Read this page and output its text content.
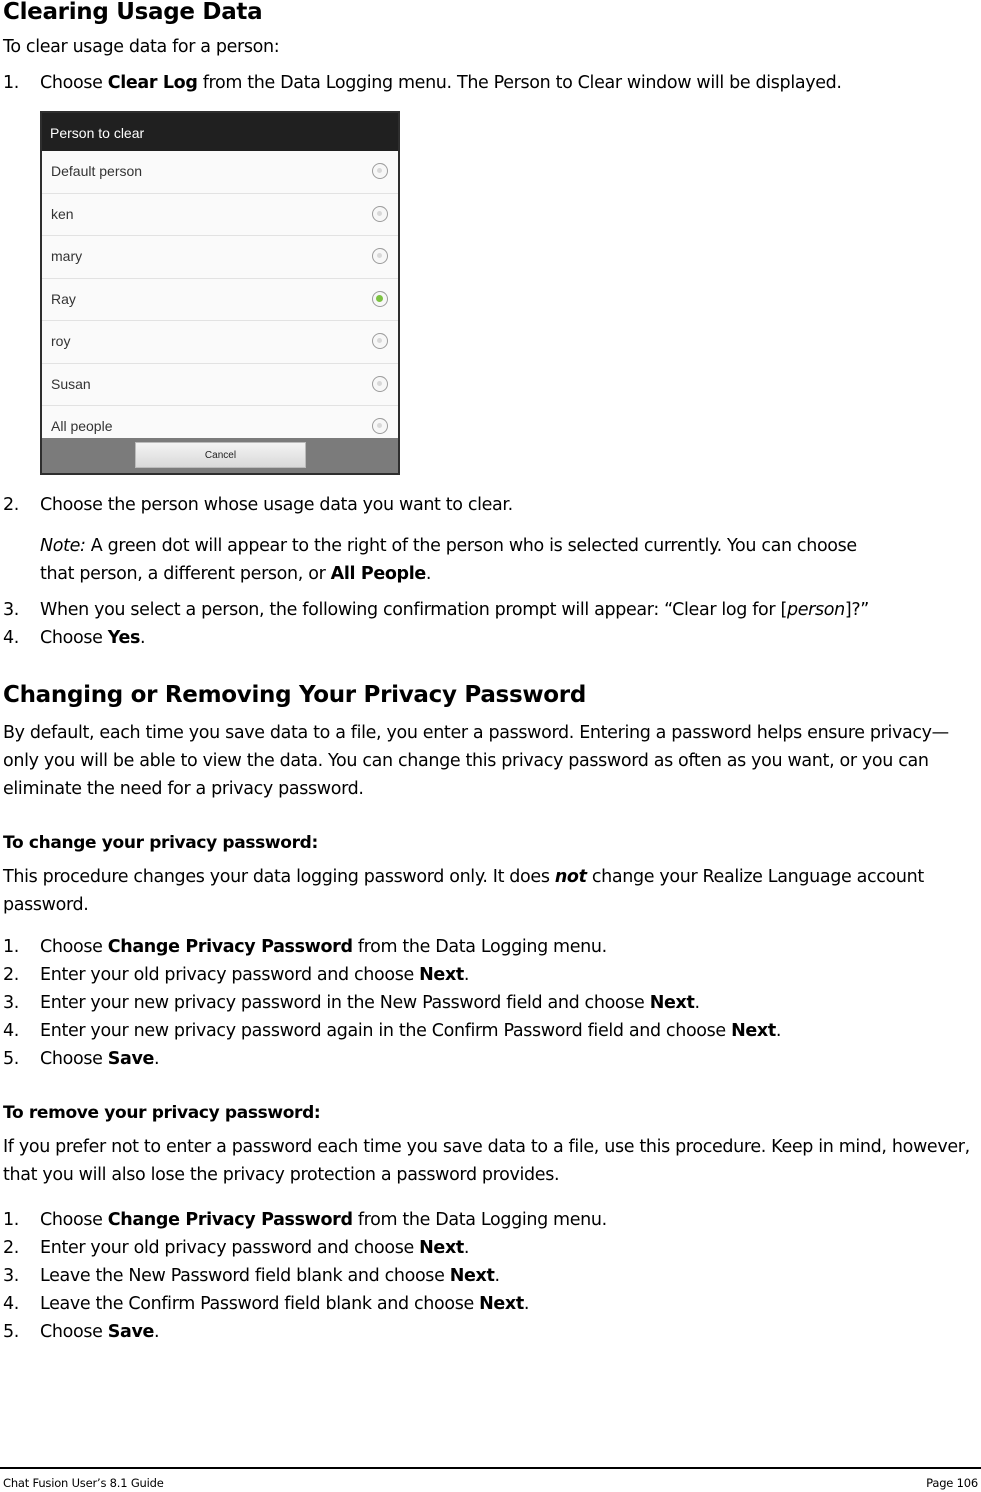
Clearing Usage Data
To clear usage data for a person:
1. Choose Clear Log from the Data Logging menu. The Person to Clear window will be displayed.
Person to clear
Default person
ken
mary
Ray
roy
Susan
All people
Cancel
2. Choose the person whose usage data you want to clear.
Note: A green dot will appear to the right of the person who is selected currently. You can choose
that person, a different person, or All People.
3. When you select a person, the following confirmation prompt will appear: “Clear log for [person]?”
4. Choose Yes.
Changing or Removing Your Privacy Password
By default, each time you save data to a file, you enter a password. Entering a password helps ensure privacy—only you will be able to view the data. You can change this privacy password as often as you want, or you can eliminate the need for a privacy password.
To change your privacy password:
This procedure changes your data logging password only. It does not change your Realize Language account password.
1. Choose Change Privacy Password from the Data Logging menu.
2. Enter your old privacy password and choose Next.
3. Enter your new privacy password in the New Password field and choose Next.
4. Enter your new privacy password again in the Confirm Password field and choose Next.
5. Choose Save.
To remove your privacy password:
If you prefer not to enter a password each time you save data to a file, use this procedure. Keep in mind, however, that you will also lose the privacy protection a password provides.
1. Choose Change Privacy Password from the Data Logging menu.
2. Enter your old privacy password and choose Next.
3. Leave the New Password field blank and choose Next.
4. Leave the Confirm Password field blank and choose Next.
5. Choose Save.
Chat Fusion User’s 8.1 Guide	Page 106
